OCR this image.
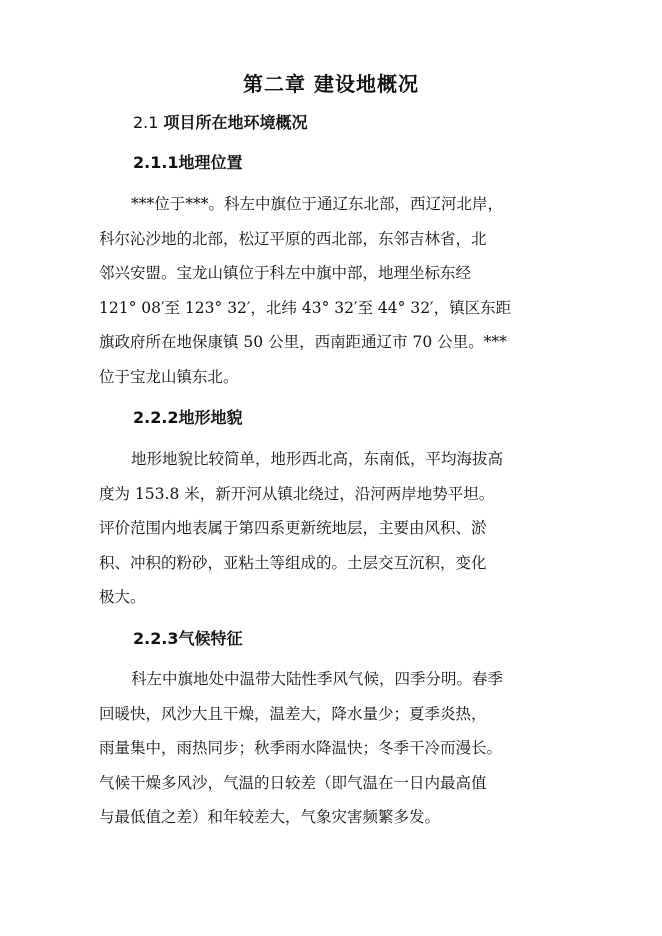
第二章 建设地概况
2.1 项目所在地环境概况
2.1.1地理位置
***位于***。科左中旗位于通辽东北部，西辽河北岸，
科尔沁沙地的北部，松辽平原的西北部，东邻吉林省，北
邻兴安盟。宝龙山镇位于科左中旗中部，地理坐标东经
121° 08′至 123° 32′，北纬 43° 32′至 44° 32′，镇区东距
旗政府所在地保康镇 50 公里，西南距通辽市 70 公里。***
位于宝龙山镇东北。
2.2.2地形地貌
地形地貌比较简单，地形西北高，东南低，平均海拔高
度为 153.8 米，新开河从镇北绕过，沿河两岸地势平坦。
评价范围内地表属于第四系更新统地层，主要由风积、淤
积、冲积的粉砂，亚粘土等组成的。土层交互沉积，变化
极大。
2.2.3气候特征
科左中旗地处中温带大陆性季风气候，四季分明。春季
回暖快，风沙大且干燥，温差大，降水量少；夏季炎热，
雨量集中，雨热同步；秋季雨水降温快；冬季干冷而漫长。
气候干燥多风沙，气温的日较差（即气温在一日内最高值
与最低值之差）和年较差大，气象灾害频繁多发。
